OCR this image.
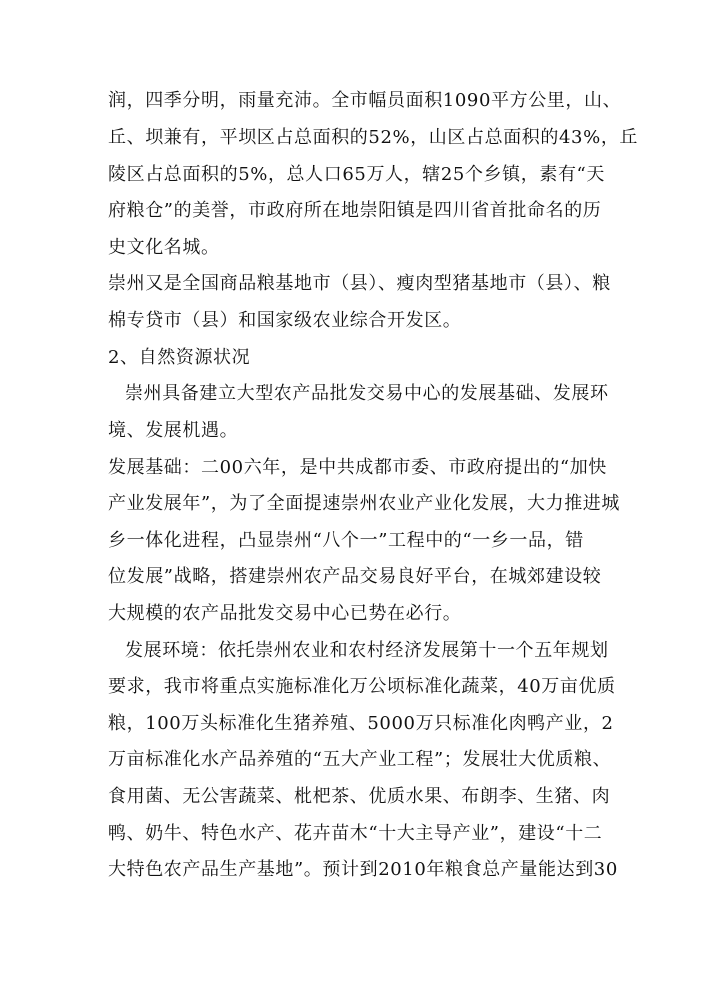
润，四季分明，雨量充沛。全市幅员面积1090平方公里，山、
丘、坝兼有，平坝区占总面积的52%，山区占总面积的43%，丘
陵区占总面积的5%，总人口65万人，辖25个乡镇，素有“天
府粮仓”的美誉，市政府所在地崇阳镇是四川省首批命名的历
史文化名城。
崇州又是全国商品粮基地市（县）、瘦肉型猪基地市（县）、粮
棉专贷市（县）和国家级农业综合开发区。
2、自然资源状况
崇州具备建立大型农产品批发交易中心的发展基础、发展环
境、发展机遇。
发展基础：二00六年，是中共成都市委、市政府提出的“加快
产业发展年”，为了全面提速崇州农业产业化发展，大力推进城
乡一体化进程，凸显崇州“八个一”工程中的“一乡一品，错
位发展”战略，搭建崇州农产品交易良好平台，在城郊建设较
大规模的农产品批发交易中心已势在必行。
发展环境：依托崇州农业和农村经济发展第十一个五年规划
要求，我市将重点实施标准化万公顷标准化蔬菜，40万亩优质
粮，100万头标准化生猪养殖、5000万只标准化肉鸭产业，2
万亩标准化水产品养殖的“五大产业工程”；发展壮大优质粮、
食用菌、无公害蔬菜、枇杷茶、优质水果、布朗李、生猪、肉
鸭、奶牛、特色水产、花卉苗木“十大主导产业”，建设“十二
大特色农产品生产基地”。预计到2010年粮食总产量能达到30
